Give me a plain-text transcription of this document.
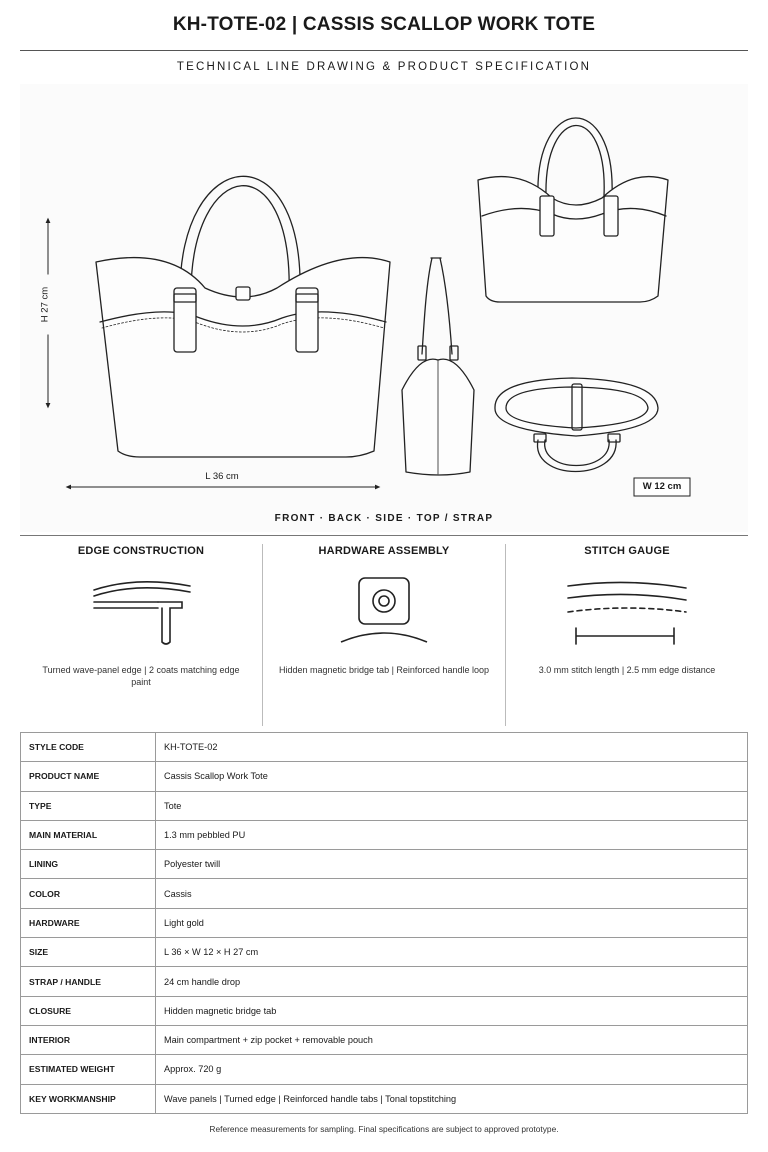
KH-TOTE-02 | CASSIS SCALLOP WORK TOTE
TECHNICAL LINE DRAWING & PRODUCT SPECIFICATION
H 27 cm
L 36 cm
W 12 cm
FRONT · BACK · SIDE · TOP / STRAP
EDGE CONSTRUCTION

Turned wave-panel edge | 2 coats matching edge paint

HARDWARE ASSEMBLY

Hidden magnetic bridge tab | Reinforced handle loop

STITCH GAUGE

3.0 mm stitch length | 2.5 mm edge distance

STYLE CODE	KH-TOTE-02
PRODUCT NAME	Cassis Scallop Work Tote
TYPE	Tote
MAIN MATERIAL	1.3 mm pebbled PU
LINING	Polyester twill
COLOR	Cassis
HARDWARE	Light gold
SIZE	L 36 × W 12 × H 27 cm
STRAP / HANDLE	24 cm handle drop
CLOSURE	Hidden magnetic bridge tab
INTERIOR	Main compartment + zip pocket + removable pouch
ESTIMATED WEIGHT	Approx. 720 g
KEY WORKMANSHIP	Wave panels | Turned edge | Reinforced handle tabs | Tonal topstitching
Reference measurements for sampling. Final specifications are subject to approved prototype.
